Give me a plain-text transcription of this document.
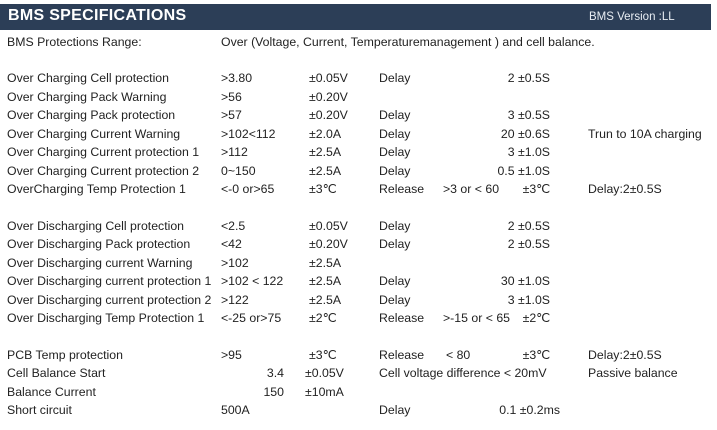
BMS SPECIFICATIONS	BMS Version :LL
BMS Protections Range:	Over (Voltage, Current, Temperaturemanagement ) and cell balance.
Over Charging Cell protection	>3.80	±0.05V	Delay	2 ±0.5S
Over Charging Pack Warning	>56	±0.20V
Over Charging Pack protection	>57	±0.20V	Delay	3 ±0.5S
Over Charging Current Warning	>102<112	±2.0A	Delay	20 ±0.6S	Trun to 10A charging
Over Charging Current protection 1 >112	±2.5A	Delay	3 ±1.0S
Over Charging Current protection 2 0~150	±2.5A	Delay	0.5 ±1.0S
OverCharging Temp Protection 1	<-0 or>65	±3℃	Release >3 or < 60 ±3℃	Delay:2±0.5S
Over Discharging Cell protection	<2.5	±0.05V	Delay	2 ±0.5S
Over Discharging Pack protection	<42	±0.20V	Delay	2 ±0.5S
Over Discharging current Warning >102	±2.5A
Over Discharging current protection 1 >102 < 122 ±2.5A	Delay	30 ±1.0S
Over Discharging current protection 2 >122	±2.5A	Delay	3 ±1.0S
Over Discharging Temp Protection 1 <-25 or>75 ±2℃	Release >-15 or < 65 ±2℃
PCB Temp protection	>95	±3℃	Release < 80	±3℃	Delay:2±0.5S
Cell Balance Start	3.4 ±0.05V	Cell voltage difference < 20mV	Passive balance
Balance Current	150 ±10mA
Short circuit	500A	Delay	0.1 ±0.2ms
